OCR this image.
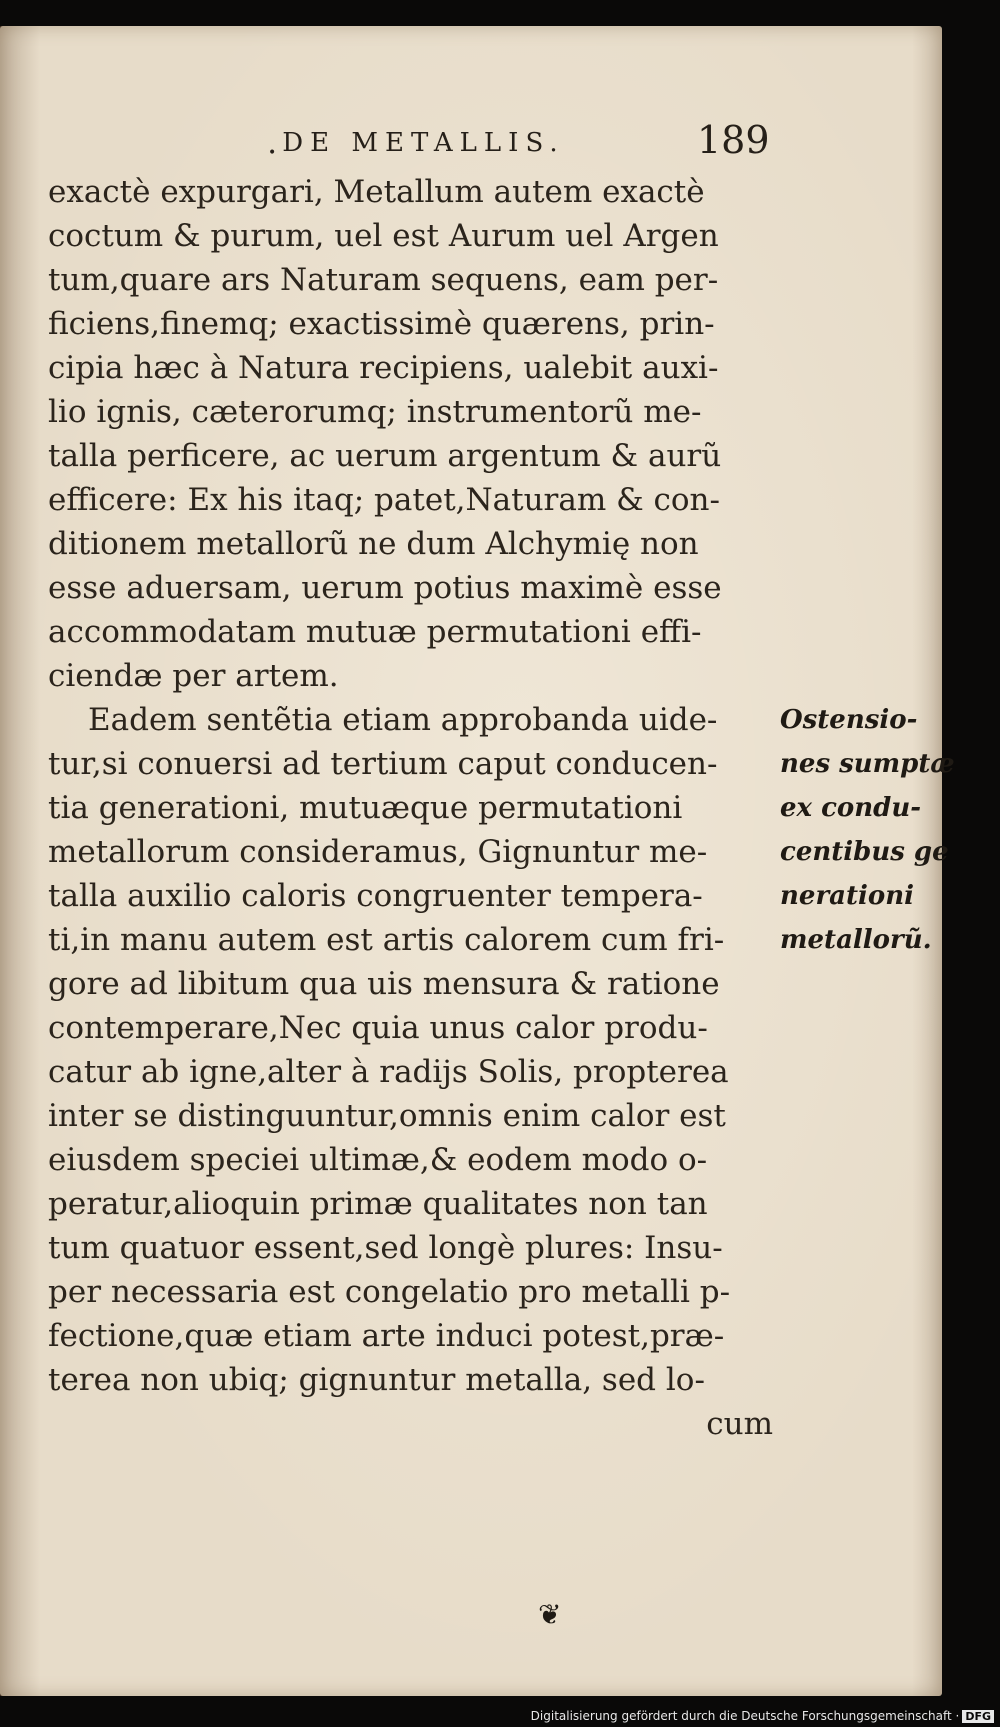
$_•$ DE METALLIS.	189
exactè expurgari, Metallum autem exactè
coctum & purum, uel est Aurum uel Argen
tum,quare ars Naturam sequens, eam per-
ficiens,finemq; exactissimè quærens, prin-
cipia hæc à Natura recipiens, ualebit auxi-
lio ignis, cæterorumq; instrumentorũ me-
talla perficere, ac uerum argentum & aurũ
efficere: Ex his itaq; patet,Naturam & con-
ditionem metallorũ ne dum Alchymię non
esse aduersam, uerum potius maximè esse
accommodatam mutuæ permutationi effi-
ciendæ per artem.
Eadem sentẽtia etiam approbanda uide-
tur,si conuersi ad tertium caput conducen-
tia generationi, mutuæque permutationi
metallorum consideramus, Gignuntur me-
talla auxilio caloris congruenter tempera-
ti,in manu autem est artis calorem cum fri-
gore ad libitum qua uis mensura & ratione
contemperare,Nec quia unus calor produ-
catur ab igne,alter à radijs Solis, propterea
inter se distinguuntur,omnis enim calor est
eiusdem speciei ultimæ,& eodem modo o-
peratur,alioquin primæ qualitates non tan
tum quatuor essent,sed longè plures: Insu-
per necessaria est congelatio pro metalli p-
fectione,quæ etiam arte induci potest,præ-
terea non ubiq; gignuntur metalla, sed lo-
cum
Ostensio-
nes sumptæ
ex condu-
centibus ge
nerationi
metallorũ.
❦
Digitalisierung gefördert durch die Deutsche Forschungsgemeinschaft · DFG
